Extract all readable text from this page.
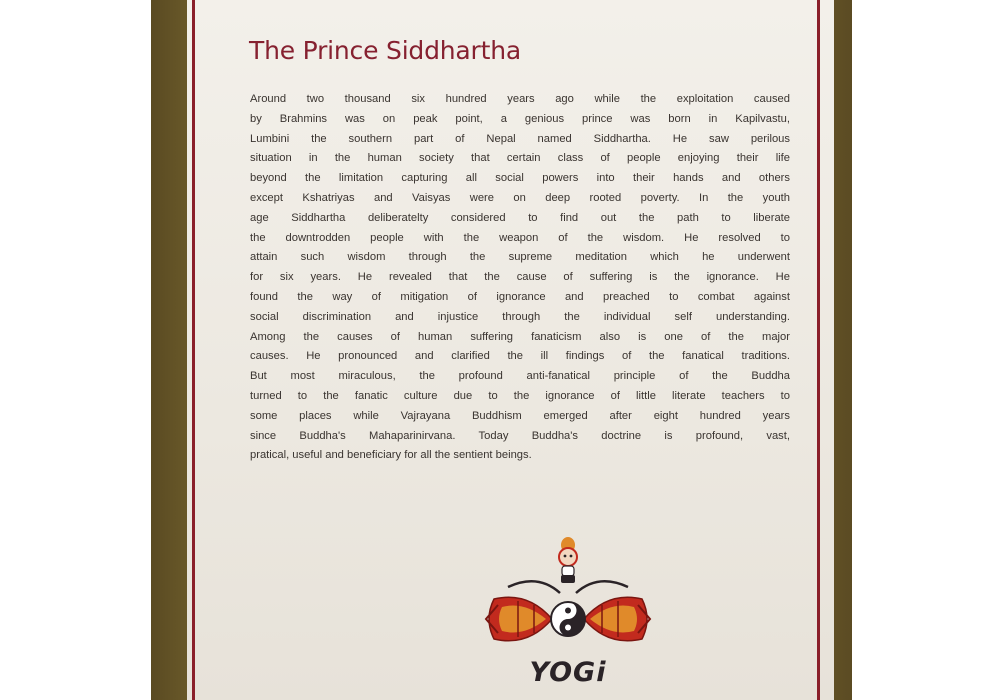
The Prince Siddhartha
Around two thousand six hundred years ago while the exploitation caused
by Brahmins was on peak point, a genious prince was born in Kapilvastu,
Lumbini the southern part of Nepal named Siddhartha. He saw perilous
situation in the human society that certain class of people enjoying their life
beyond the limitation capturing all social powers into their hands and others
except Kshatriyas and Vaisyas were on deep rooted poverty. In the youth
age Siddhartha deliberatelty considered to find out the path to liberate
the downtrodden people with the weapon of the wisdom. He resolved to
attain such wisdom through the supreme meditation which he underwent
for six years. He revealed that the cause of suffering is the ignorance. He
found the way of mitigation of ignorance and preached to combat against
social discrimination and injustice through the individual self understanding.
Among the causes of human suffering fanaticism also is one of the major
causes. He pronounced and clarified the ill findings of the fanatical traditions.
But most miraculous, the profound anti-fanatical principle of the Buddha
turned to the fanatic culture due to the ignorance of little literate teachers to
some places while Vajrayana Buddhism emerged after eight hundred years
since Buddha's Mahaparinirvana. Today Buddha's doctrine is profound, vast,
pratical, useful and beneficiary for all the sentient beings.
YOGi
